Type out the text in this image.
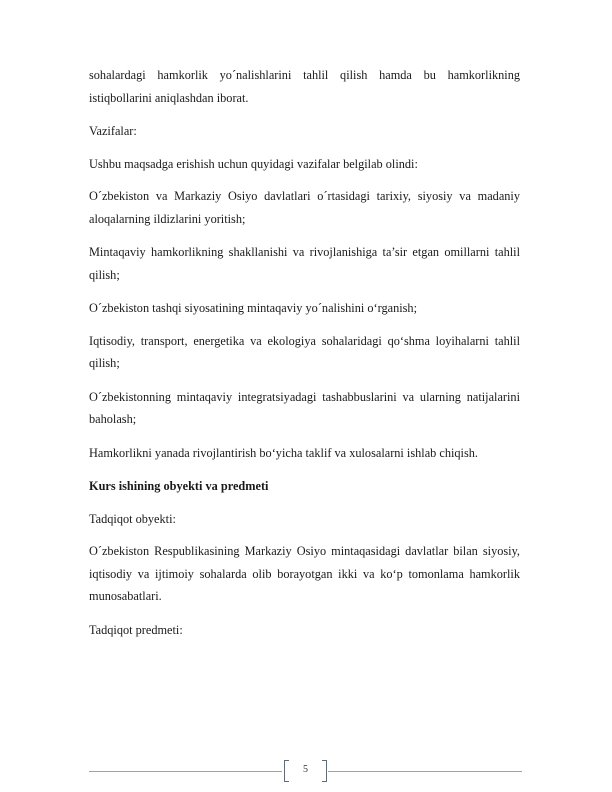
sohalardagi hamkorlik yo´nalishlarini tahlil qilish hamda bu hamkorlikning istiqbollarini aniqlashdan iborat.

Vazifalar:

Ushbu maqsadga erishish uchun quyidagi vazifalar belgilab olindi:

O´zbekiston va Markaziy Osiyo davlatlari o´rtasidagi tarixiy, siyosiy va madaniy aloqalarning ildizlarini yoritish;

Mintaqaviy hamkorlikning shakllanishi va rivojlanishiga ta’sir etgan omillarni tahlil qilish;

O´zbekiston tashqi siyosatining mintaqaviy yo´nalishini o‘rganish;

Iqtisodiy, transport, energetika va ekologiya sohalaridagi qo‘shma loyihalarni tahlil qilish;

O´zbekistonning mintaqaviy integratsiyadagi tashabbuslarini va ularning natijalarini baholash;

Hamkorlikni yanada rivojlantirish bo‘yicha taklif va xulosalarni ishlab chiqish.

Kurs ishining obyekti va predmeti

Tadqiqot obyekti:

O´zbekiston Respublikasining Markaziy Osiyo mintaqasidagi davlatlar bilan siyosiy, iqtisodiy va ijtimoiy sohalarda olib borayotgan ikki va ko‘p tomonlama hamkorlik munosabatlari.

Tadqiqot predmeti:

5
